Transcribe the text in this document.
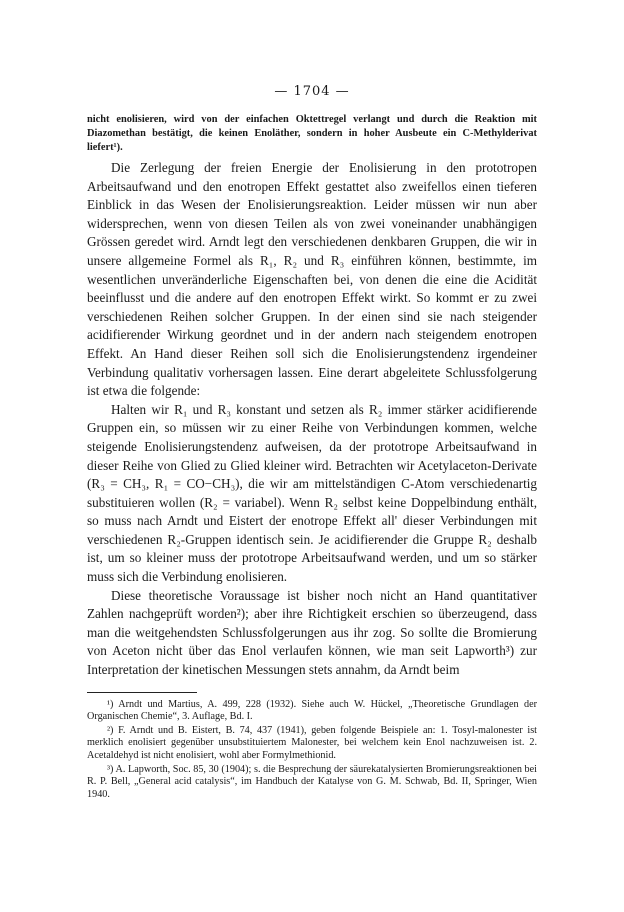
— 1704 —

nicht enolisieren, wird von der einfachen Oktettregel verlangt und durch die Reaktion mit Diazomethan bestätigt, die keinen Enoläther, sondern in hoher Ausbeute ein C-Methylderivat liefert¹).

Die Zerlegung der freien Energie der Enolisierung in den prototropen Arbeitsaufwand und den enotropen Effekt gestattet also zweifellos einen tieferen Einblick in das Wesen der Enolisierungsreaktion. Leider müssen wir nun aber widersprechen, wenn von diesen Teilen als von zwei voneinander unabhängigen Grössen geredet wird. Arndt legt den verschiedenen denkbaren Gruppen, die wir in unsere allgemeine Formel als R₁, R₂ und R₃ einführen können, bestimmte, im wesentlichen unveränderliche Eigenschaften bei, von denen die eine die Acidität beeinflusst und die andere auf den enotropen Effekt wirkt. So kommt er zu zwei verschiedenen Reihen solcher Gruppen. In der einen sind sie nach steigender acidifierender Wirkung geordnet und in der andern nach steigendem enotropen Effekt. An Hand dieser Reihen soll sich die Enolisierungstendenz irgendeiner Verbindung qualitativ vorhersagen lassen. Eine derart abgeleitete Schlussfolgerung ist etwa die folgende:

Halten wir R₁ und R₃ konstant und setzen als R₂ immer stärker acidifierende Gruppen ein, so müssen wir zu einer Reihe von Verbindungen kommen, welche steigende Enolisierungstendenz aufweisen, da der prototrope Arbeitsaufwand in dieser Reihe von Glied zu Glied kleiner wird. Betrachten wir Acetylaceton-Derivate (R₃ = CH₃, R₁ = CO−CH₃), die wir am mittelständigen C-Atom verschiedenartig substituieren wollen (R₂ = variabel). Wenn R₂ selbst keine Doppelbindung enthält, so muss nach Arndt und Eistert der enotrope Effekt all' dieser Verbindungen mit verschiedenen R₂-Gruppen identisch sein. Je acidifierender die Gruppe R₂ deshalb ist, um so kleiner muss der prototrope Arbeitsaufwand werden, und um so stärker muss sich die Verbindung enolisieren.

Diese theoretische Voraussage ist bisher noch nicht an Hand quantitativer Zahlen nachgeprüft worden²); aber ihre Richtigkeit erschien so überzeugend, dass man die weitgehendsten Schlussfolgerungen aus ihr zog. So sollte die Bromierung von Aceton nicht über das Enol verlaufen können, wie man seit Lapworth³) zur Interpretation der kinetischen Messungen stets annahm, da Arndt beim

¹) Arndt und Martius, A. 499, 228 (1932). Siehe auch W. Hückel, „Theoretische Grundlagen der Organischen Chemie“, 3. Auflage, Bd. I.

²) F. Arndt und B. Eistert, B. 74, 437 (1941), geben folgende Beispiele an: 1. Tosyl-malonester ist merklich enolisiert gegenüber unsubstituiertem Malonester, bei welchem kein Enol nachzuweisen ist. 2. Acetaldehyd ist nicht enolisiert, wohl aber Formylmethionid.

³) A. Lapworth, Soc. 85, 30 (1904); s. die Besprechung der säurekatalysierten Bromierungsreaktionen bei R. P. Bell, „General acid catalysis“, im Handbuch der Katalyse von G. M. Schwab, Bd. II, Springer, Wien 1940.
